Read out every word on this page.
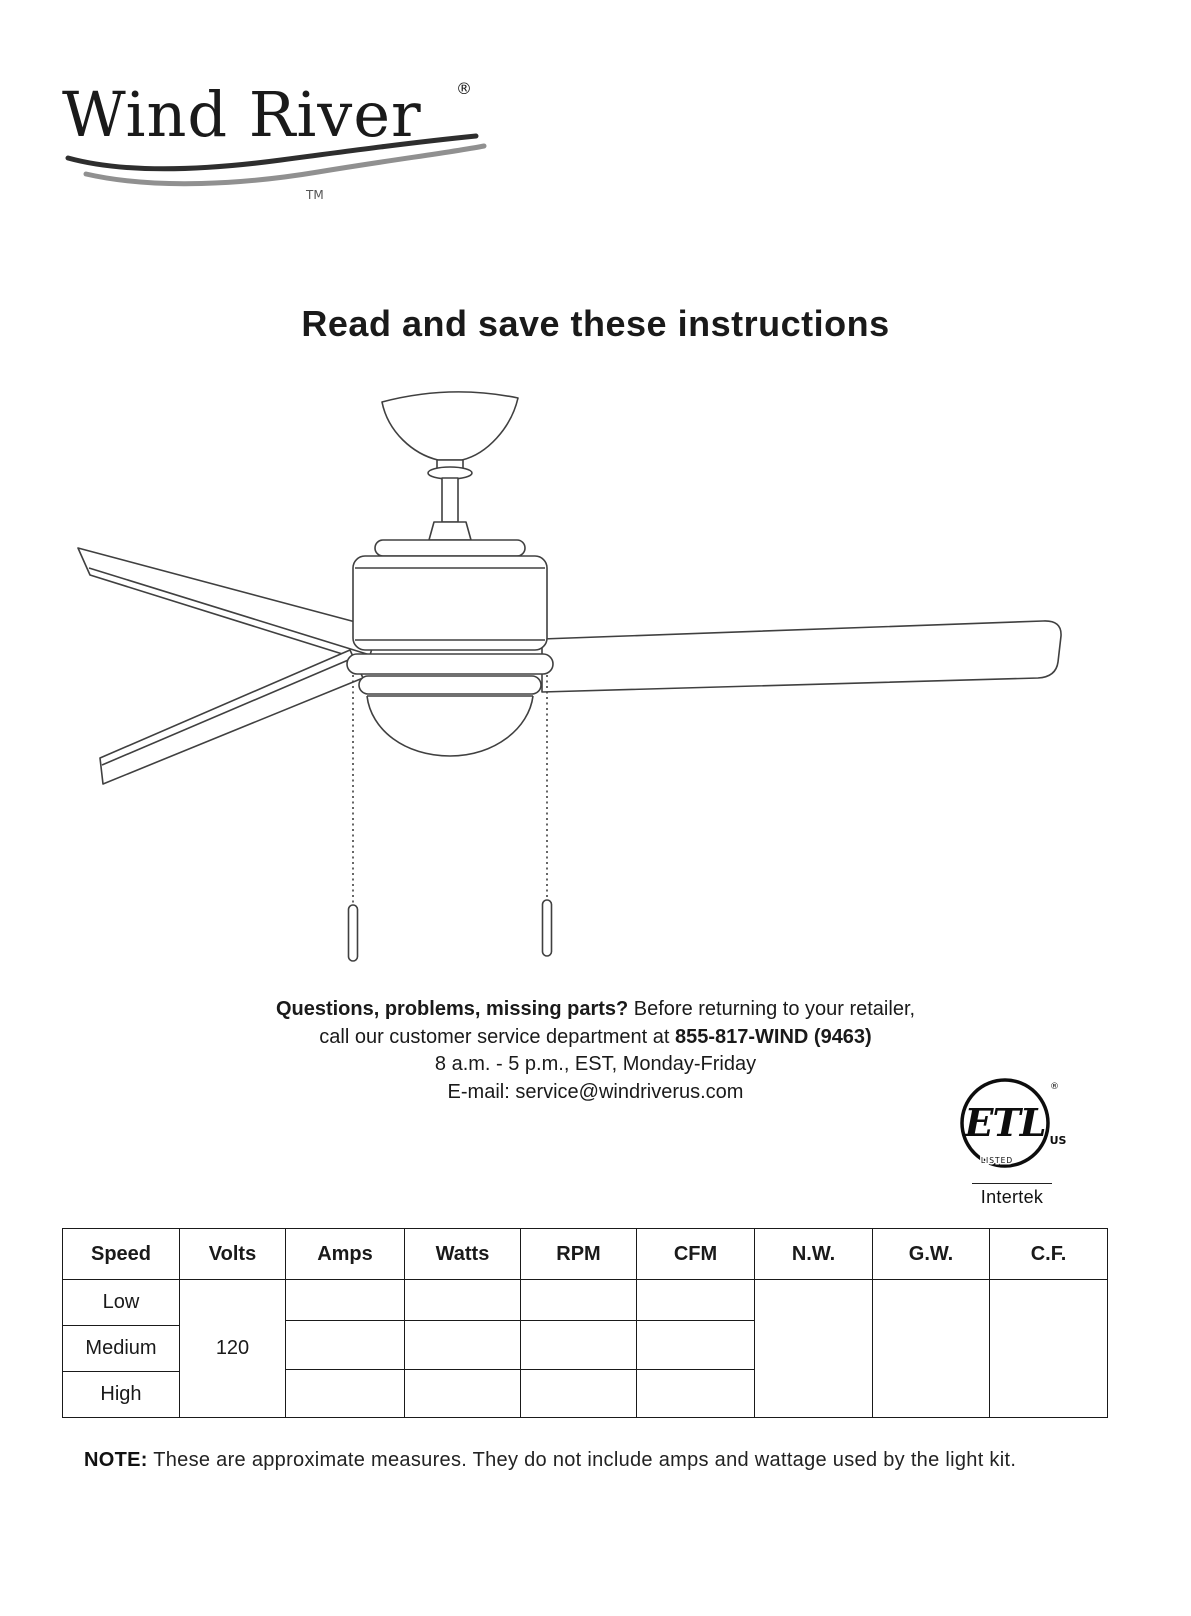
Wind River ®
TM
Read and save these instructions
Questions, problems, missing parts? Before returning to your retailer,
call our customer service department at 855-817-WIND (9463)
8 a.m. - 5 p.m., EST, Monday-Friday
E-mail: service@windriverus.com
ETL
®
LISTED
US
Intertek
Speed	Volts	Amps	Watts	RPM	CFM	N.W.	G.W.	C.F.
Low	120	

Medium								
High								
NOTE: These are approximate measures. They do not include amps and wattage used by the light kit.
